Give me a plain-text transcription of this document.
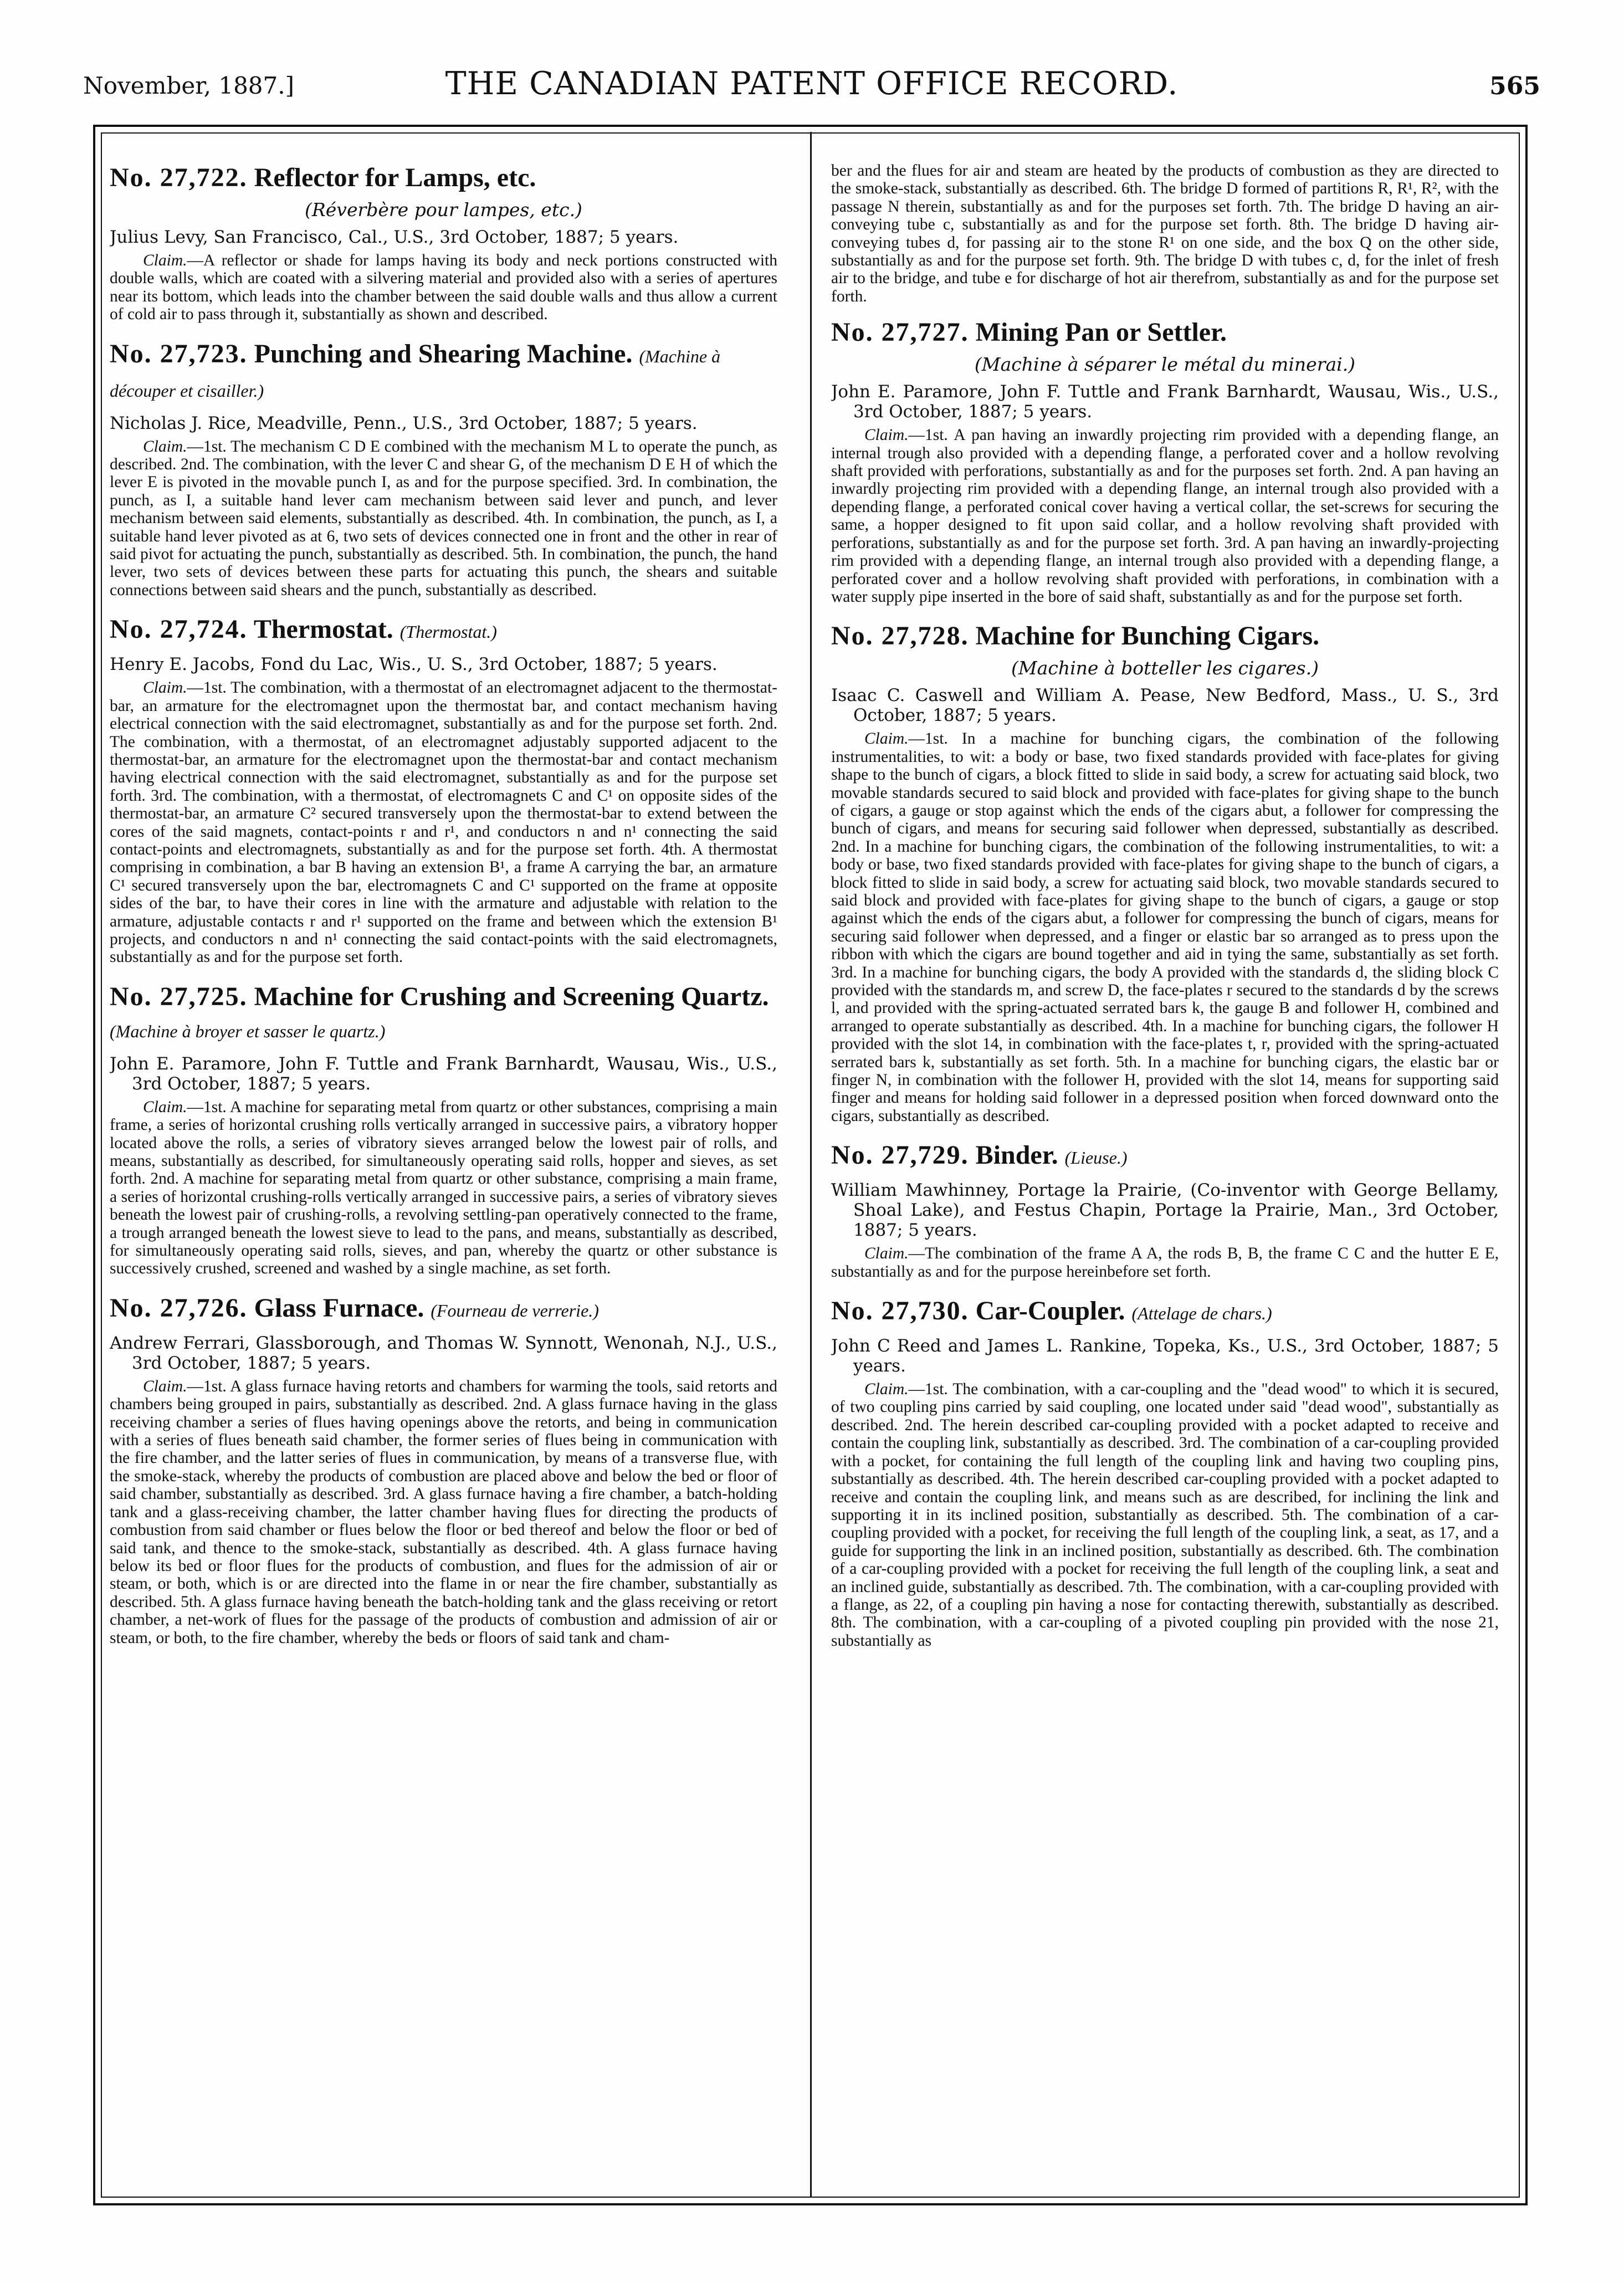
November, 1887.]	THE CANADIAN PATENT OFFICE RECORD.	565
No. 27,722. Reflector for Lamps, etc.
(Réverbère pour lampes, etc.)

Julius Levy, San Francisco, Cal., U.S., 3rd October, 1887; 5 years.

Claim.—A reflector or shade for lamps having its body and neck portions constructed with double walls, which are coated with a silvering material and provided also with a series of apertures near its bottom, which leads into the chamber between the said double walls and thus allow a current of cold air to pass through it, substantially as shown and described.

No. 27,723. Punching and Shearing Machine. (Machine à découper et cisailler.)

Nicholas J. Rice, Meadville, Penn., U.S., 3rd October, 1887; 5 years.

Claim.—1st. The mechanism C D E combined with the mechanism M L to operate the punch, as described. 2nd. The combination, with the lever C and shear G, of the mechanism D E H of which the lever E is pivoted in the movable punch I, as and for the purpose specified. 3rd. In combination, the punch, as I, a suitable hand lever cam mechanism between said lever and punch, and lever mechanism between said elements, substantially as described. 4th. In combination, the punch, as I, a suitable hand lever pivoted as at 6, two sets of devices connected one in front and the other in rear of said pivot for actuating the punch, substantially as described. 5th. In combination, the punch, the hand lever, two sets of devices between these parts for actuating this punch, the shears and suitable connections between said shears and the punch, substantially as described.

No. 27,724. Thermostat. (Thermostat.)

Henry E. Jacobs, Fond du Lac, Wis., U. S., 3rd October, 1887; 5 years.

Claim.—1st. The combination, with a thermostat of an electromagnet adjacent to the thermostat-bar, an armature for the electromagnet upon the thermostat bar, and contact mechanism having electrical connection with the said electromagnet, substantially as and for the purpose set forth. 2nd. The combination, with a thermostat, of an electromagnet adjustably supported adjacent to the thermostat-bar, an armature for the electromagnet upon the thermostat-bar and contact mechanism having electrical connection with the said electromagnet, substantially as and for the purpose set forth. 3rd. The combination, with a thermostat, of electromagnets C and C¹ on opposite sides of the thermostat-bar, an armature C² secured transversely upon the thermostat-bar to extend between the cores of the said magnets, contact-points r and r¹, and conductors n and n¹ connecting the said contact-points and electromagnets, substantially as and for the purpose set forth. 4th. A thermostat comprising in combination, a bar B having an extension B¹, a frame A carrying the bar, an armature C¹ secured transversely upon the bar, electromagnets C and C¹ supported on the frame at opposite sides of the bar, to have their cores in line with the armature and adjustable with relation to the armature, adjustable contacts r and r¹ supported on the frame and between which the extension B¹ projects, and conductors n and n¹ connecting the said contact-points with the said electromagnets, substantially as and for the purpose set forth.

No. 27,725. Machine for Crushing and Screening Quartz. (Machine à broyer et sasser le quartz.)

John E. Paramore, John F. Tuttle and Frank Barnhardt, Wausau, Wis., U.S., 3rd October, 1887; 5 years.

Claim.—1st. A machine for separating metal from quartz or other substances, comprising a main frame, a series of horizontal crushing rolls vertically arranged in successive pairs, a vibratory hopper located above the rolls, a series of vibratory sieves arranged below the lowest pair of rolls, and means, substantially as described, for simultaneously operating said rolls, hopper and sieves, as set forth. 2nd. A machine for separating metal from quartz or other substance, comprising a main frame, a series of horizontal crushing-rolls vertically arranged in successive pairs, a series of vibratory sieves beneath the lowest pair of crushing-rolls, a revolving settling-pan operatively connected to the frame, a trough arranged beneath the lowest sieve to lead to the pans, and means, substantially as described, for simultaneously operating said rolls, sieves, and pan, whereby the quartz or other substance is successively crushed, screened and washed by a single machine, as set forth.

No. 27,726. Glass Furnace. (Fourneau de verrerie.)

Andrew Ferrari, Glassborough, and Thomas W. Synnott, Wenonah, N.J., U.S., 3rd October, 1887; 5 years.

Claim.—1st. A glass furnace having retorts and chambers for warming the tools, said retorts and chambers being grouped in pairs, substantially as described. 2nd. A glass furnace having in the glass receiving chamber a series of flues having openings above the retorts, and being in communication with a series of flues beneath said chamber, the former series of flues being in communication with the fire chamber, and the latter series of flues in communication, by means of a transverse flue, with the smoke-stack, whereby the products of combustion are placed above and below the bed or floor of said chamber, substantially as described. 3rd. A glass furnace having a fire chamber, a batch-holding tank and a glass-receiving chamber, the latter chamber having flues for directing the products of combustion from said chamber or flues below the floor or bed thereof and below the floor or bed of said tank, and thence to the smoke-stack, substantially as described. 4th. A glass furnace having below its bed or floor flues for the products of combustion, and flues for the admission of air or steam, or both, which is or are directed into the flame in or near the fire chamber, substantially as described. 5th. A glass furnace having beneath the batch-holding tank and the glass receiving or retort chamber, a net-work of flues for the passage of the products of combustion and admission of air or steam, or both, to the fire chamber, whereby the beds or floors of said tank and cham-

ber and the flues for air and steam are heated by the products of combustion as they are directed to the smoke-stack, substantially as described. 6th. The bridge D formed of partitions R, R¹, R², with the passage N therein, substantially as and for the purposes set forth. 7th. The bridge D having an air-conveying tube c, substantially as and for the purpose set forth. 8th. The bridge D having air-conveying tubes d, for passing air to the stone R¹ on one side, and the box Q on the other side, substantially as and for the purpose set forth. 9th. The bridge D with tubes c, d, for the inlet of fresh air to the bridge, and tube e for discharge of hot air therefrom, substantially as and for the purpose set forth.

No. 27,727. Mining Pan or Settler.
(Machine à séparer le métal du minerai.)

John E. Paramore, John F. Tuttle and Frank Barnhardt, Wausau, Wis., U.S., 3rd October, 1887; 5 years.

Claim.—1st. A pan having an inwardly projecting rim provided with a depending flange, an internal trough also provided with a depending flange, a perforated cover and a hollow revolving shaft provided with perforations, substantially as and for the purposes set forth. 2nd. A pan having an inwardly projecting rim provided with a depending flange, an internal trough also provided with a depending flange, a perforated conical cover having a vertical collar, the set-screws for securing the same, a hopper designed to fit upon said collar, and a hollow revolving shaft provided with perforations, substantially as and for the purpose set forth. 3rd. A pan having an inwardly-projecting rim provided with a depending flange, an internal trough also provided with a depending flange, a perforated cover and a hollow revolving shaft provided with perforations, in combination with a water supply pipe inserted in the bore of said shaft, substantially as and for the purpose set forth.

No. 27,728. Machine for Bunching Cigars.
(Machine à botteller les cigares.)

Isaac C. Caswell and William A. Pease, New Bedford, Mass., U. S., 3rd October, 1887; 5 years.

Claim.—1st. In a machine for bunching cigars, the combination of the following instrumentalities, to wit: a body or base, two fixed standards provided with face-plates for giving shape to the bunch of cigars, a block fitted to slide in said body, a screw for actuating said block, two movable standards secured to said block and provided with face-plates for giving shape to the bunch of cigars, a gauge or stop against which the ends of the cigars abut, a follower for compressing the bunch of cigars, and means for securing said follower when depressed, substantially as described. 2nd. In a machine for bunching cigars, the combination of the following instrumentalities, to wit: a body or base, two fixed standards provided with face-plates for giving shape to the bunch of cigars, a block fitted to slide in said body, a screw for actuating said block, two movable standards secured to said block and provided with face-plates for giving shape to the bunch of cigars, a gauge or stop against which the ends of the cigars abut, a follower for compressing the bunch of cigars, means for securing said follower when depressed, and a finger or elastic bar so arranged as to press upon the ribbon with which the cigars are bound together and aid in tying the same, substantially as set forth. 3rd. In a machine for bunching cigars, the body A provided with the standards d, the sliding block C provided with the standards m, and screw D, the face-plates r secured to the standards d by the screws l, and provided with the spring-actuated serrated bars k, the gauge B and follower H, combined and arranged to operate substantially as described. 4th. In a machine for bunching cigars, the follower H provided with the slot 14, in combination with the face-plates t, r, provided with the spring-actuated serrated bars k, substantially as set forth. 5th. In a machine for bunching cigars, the elastic bar or finger N, in combination with the follower H, provided with the slot 14, means for supporting said finger and means for holding said follower in a depressed position when forced downward onto the cigars, substantially as described.

No. 27,729. Binder. (Lieuse.)

William Mawhinney, Portage la Prairie, (Co-inventor with George Bellamy, Shoal Lake), and Festus Chapin, Portage la Prairie, Man., 3rd October, 1887; 5 years.

Claim.—The combination of the frame A A, the rods B, B, the frame C C and the hutter E E, substantially as and for the purpose hereinbefore set forth.

No. 27,730. Car-Coupler. (Attelage de chars.)

John C Reed and James L. Rankine, Topeka, Ks., U.S., 3rd October, 1887; 5 years.

Claim.—1st. The combination, with a car-coupling and the "dead wood" to which it is secured, of two coupling pins carried by said coupling, one located under said "dead wood", substantially as described. 2nd. The herein described car-coupling provided with a pocket adapted to receive and contain the coupling link, substantially as described. 3rd. The combination of a car-coupling provided with a pocket, for containing the full length of the coupling link and having two coupling pins, substantially as described. 4th. The herein described car-coupling provided with a pocket adapted to receive and contain the coupling link, and means such as are described, for inclining the link and supporting it in its inclined position, substantially as described. 5th. The combination of a car-coupling provided with a pocket, for receiving the full length of the coupling link, a seat, as 17, and a guide for supporting the link in an inclined position, substantially as described. 6th. The combination of a car-coupling provided with a pocket for receiving the full length of the coupling link, a seat and an inclined guide, substantially as described. 7th. The combination, with a car-coupling provided with a flange, as 22, of a coupling pin having a nose for contacting therewith, substantially as described. 8th. The combination, with a car-coupling of a pivoted coupling pin provided with the nose 21, substantially as
